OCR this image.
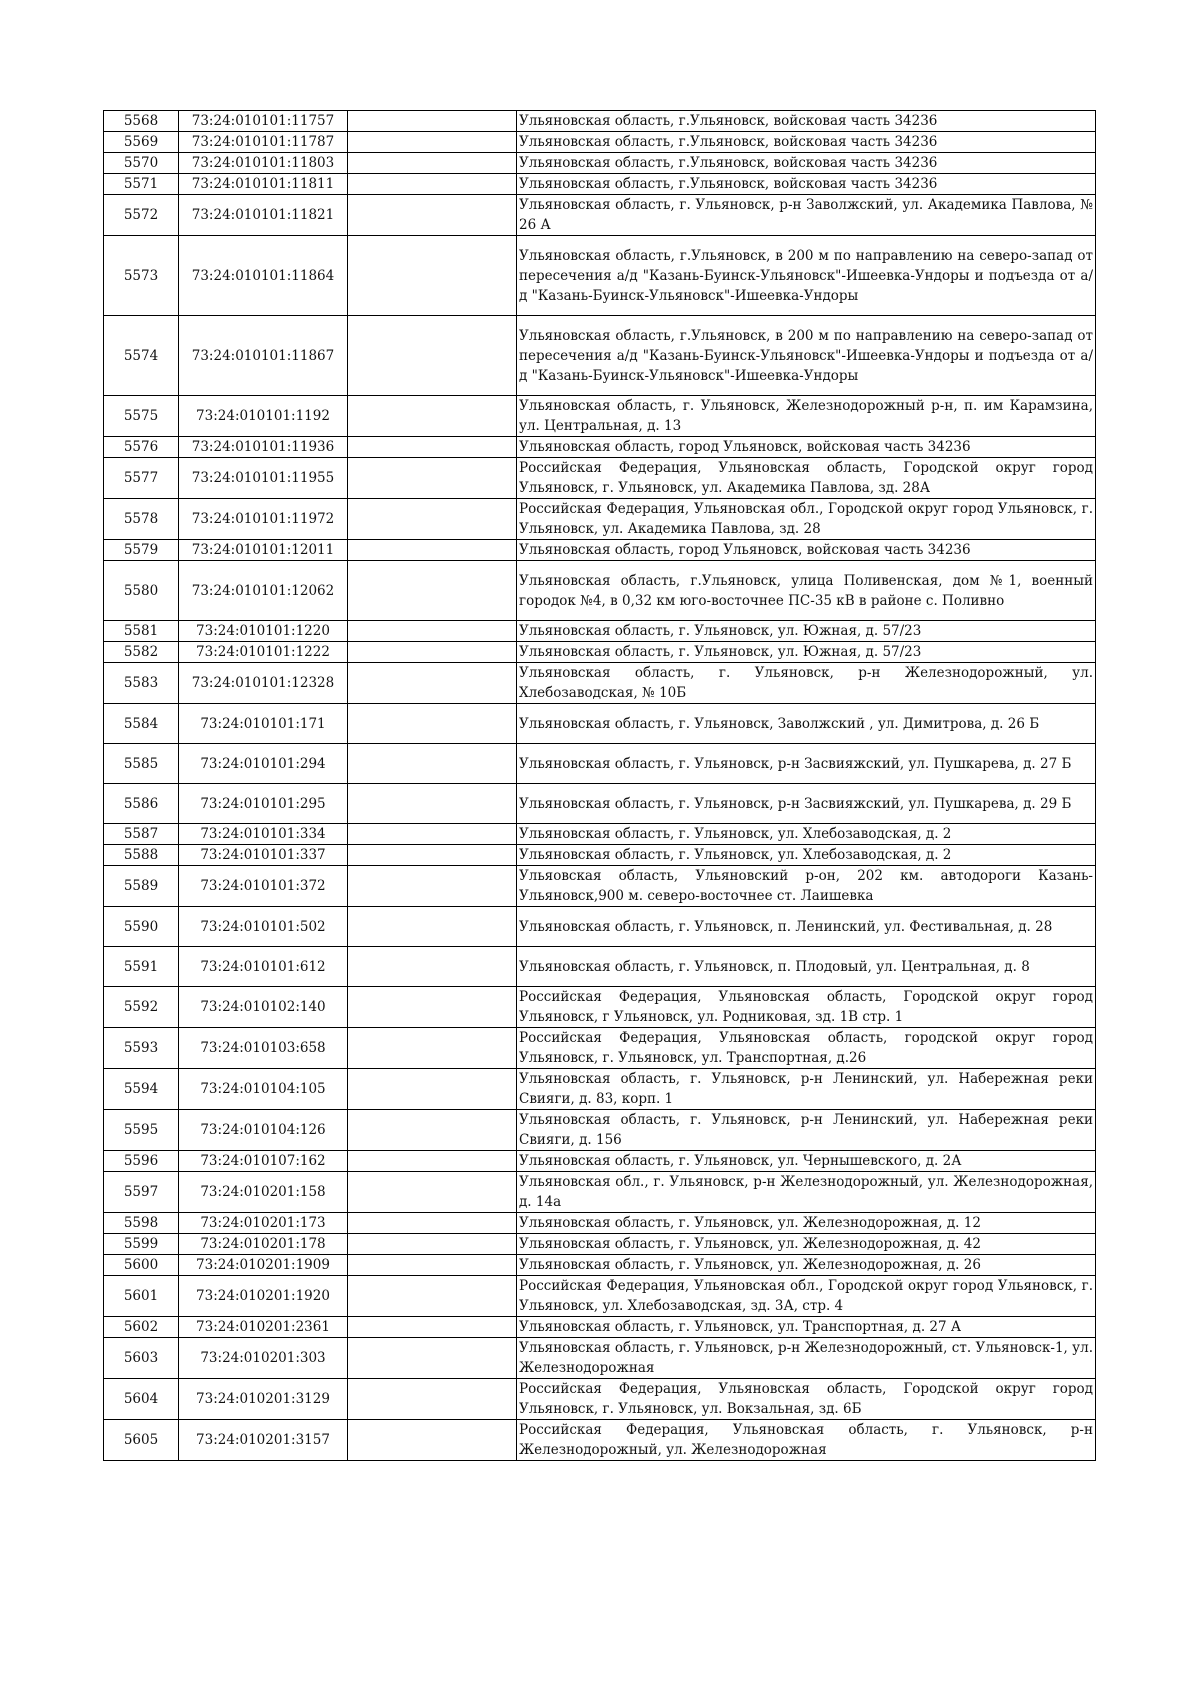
5568	73:24:010101:11757		Ульяновская область, г.Ульяновск, войсковая часть 34236
5569	73:24:010101:11787		Ульяновская область, г.Ульяновск, войсковая часть 34236
5570	73:24:010101:11803		Ульяновская область, г.Ульяновск, войсковая часть 34236
5571	73:24:010101:11811		Ульяновская область, г.Ульяновск, войсковая часть 34236
5572	73:24:010101:11821		Ульяновская область, г. Ульяновск, р-н Заволжский, ул. Академика Павлова, № 26 А
5573	73:24:010101:11864		Ульяновская область, г.Ульяновск, в 200 м по направлению на северо-запад от пересечения а/д "Казань-Буинск-Ульяновск"-Ишеевка-Ундоры и подъезда от а/д "Казань-Буинск-Ульяновск"-Ишеевка-Ундоры
5574	73:24:010101:11867		Ульяновская область, г.Ульяновск, в 200 м по направлению на северо-запад от пересечения а/д "Казань-Буинск-Ульяновск"-Ишеевка-Ундоры и подъезда от а/д "Казань-Буинск-Ульяновск"-Ишеевка-Ундоры
5575	73:24:010101:1192		Ульяновская область, г. Ульяновск, Железнодорожный р-н, п. им Карамзина, ул. Центральная, д. 13
5576	73:24:010101:11936		Ульяновская область, город Ульяновск, войсковая часть 34236
5577	73:24:010101:11955		Российская Федерация, Ульяновская область, Городской округ город Ульяновск, г. Ульяновск, ул. Академика Павлова, зд. 28А
5578	73:24:010101:11972		Российская Федерация, Ульяновская обл., Городской округ город Ульяновск, г. Ульяновск, ул. Академика Павлова, зд. 28
5579	73:24:010101:12011		Ульяновская область, город Ульяновск, войсковая часть 34236
5580	73:24:010101:12062		Ульяновская область, г.Ульяновск, улица Поливенская, дом №1, военный городок №4, в 0,32 км юго-восточнее ПС-35 кВ в районе с. Поливно
5581	73:24:010101:1220		Ульяновская область, г. Ульяновск, ул. Южная, д. 57/23
5582	73:24:010101:1222		Ульяновская область, г. Ульяновск, ул. Южная, д. 57/23
5583	73:24:010101:12328		Ульяновская область, г. Ульяновск, р-н Железнодорожный, ул. Хлебозаводская, № 10Б
5584	73:24:010101:171		Ульяновская область, г. Ульяновск, Заволжский , ул. Димитрова, д. 26 Б
5585	73:24:010101:294		Ульяновская область, г. Ульяновск, р-н Засвияжский, ул. Пушкарева, д. 27 Б
5586	73:24:010101:295		Ульяновская область, г. Ульяновск, р-н Засвияжский, ул. Пушкарева, д. 29 Б
5587	73:24:010101:334		Ульяновская область, г. Ульяновск, ул. Хлебозаводская, д. 2
5588	73:24:010101:337		Ульяновская область, г. Ульяновск, ул. Хлебозаводская, д. 2
5589	73:24:010101:372		Ульяовская область, Ульяновский р-он, 202 км. автодороги Казань-Ульяновск,900 м. северо-восточнее ст. Лаишевка
5590	73:24:010101:502		Ульяновская область, г. Ульяновск, п. Ленинский, ул. Фестивальная, д. 28
5591	73:24:010101:612		Ульяновская область, г. Ульяновск, п. Плодовый, ул. Центральная, д. 8
5592	73:24:010102:140		Российская Федерация, Ульяновская область, Городской округ город Ульяновск, г Ульяновск, ул. Родниковая, зд. 1В стр. 1
5593	73:24:010103:658		Российская Федерация, Ульяновская область, городской округ город Ульяновск, г. Ульяновск, ул. Транспортная, д.26
5594	73:24:010104:105		Ульяновская область, г. Ульяновск, р-н Ленинский, ул. Набережная реки Свияги, д. 83, корп. 1
5595	73:24:010104:126		Ульяновская область, г. Ульяновск, р-н Ленинский, ул. Набережная реки Свияги, д. 156
5596	73:24:010107:162		Ульяновская область, г. Ульяновск, ул. Чернышевского, д. 2А
5597	73:24:010201:158		Ульяновская обл., г. Ульяновск, р-н Железнодорожный, ул. Железнодорожная, д. 14а
5598	73:24:010201:173		Ульяновская область, г. Ульяновск, ул. Железнодорожная, д. 12
5599	73:24:010201:178		Ульяновская область, г. Ульяновск, ул. Железнодорожная, д. 42
5600	73:24:010201:1909		Ульяновская область, г. Ульяновск, ул. Железнодорожная, д. 26
5601	73:24:010201:1920		Российская Федерация, Ульяновская обл., Городской округ город Ульяновск, г. Ульяновск, ул. Хлебозаводская, зд. 3А, стр. 4
5602	73:24:010201:2361		Ульяновская область, г. Ульяновск, ул. Транспортная, д. 27 А
5603	73:24:010201:303		Ульяновская область, г. Ульяновск, р-н Железнодорожный, ст. Ульяновск-1, ул. Железнодорожная
5604	73:24:010201:3129		Российская Федерация, Ульяновская область, Городской округ город Ульяновск, г. Ульяновск, ул. Вокзальная, зд. 6Б
5605	73:24:010201:3157		Российская Федерация, Ульяновская область, г. Ульяновск, р-н Железнодорожный, ул. Железнодорожная
